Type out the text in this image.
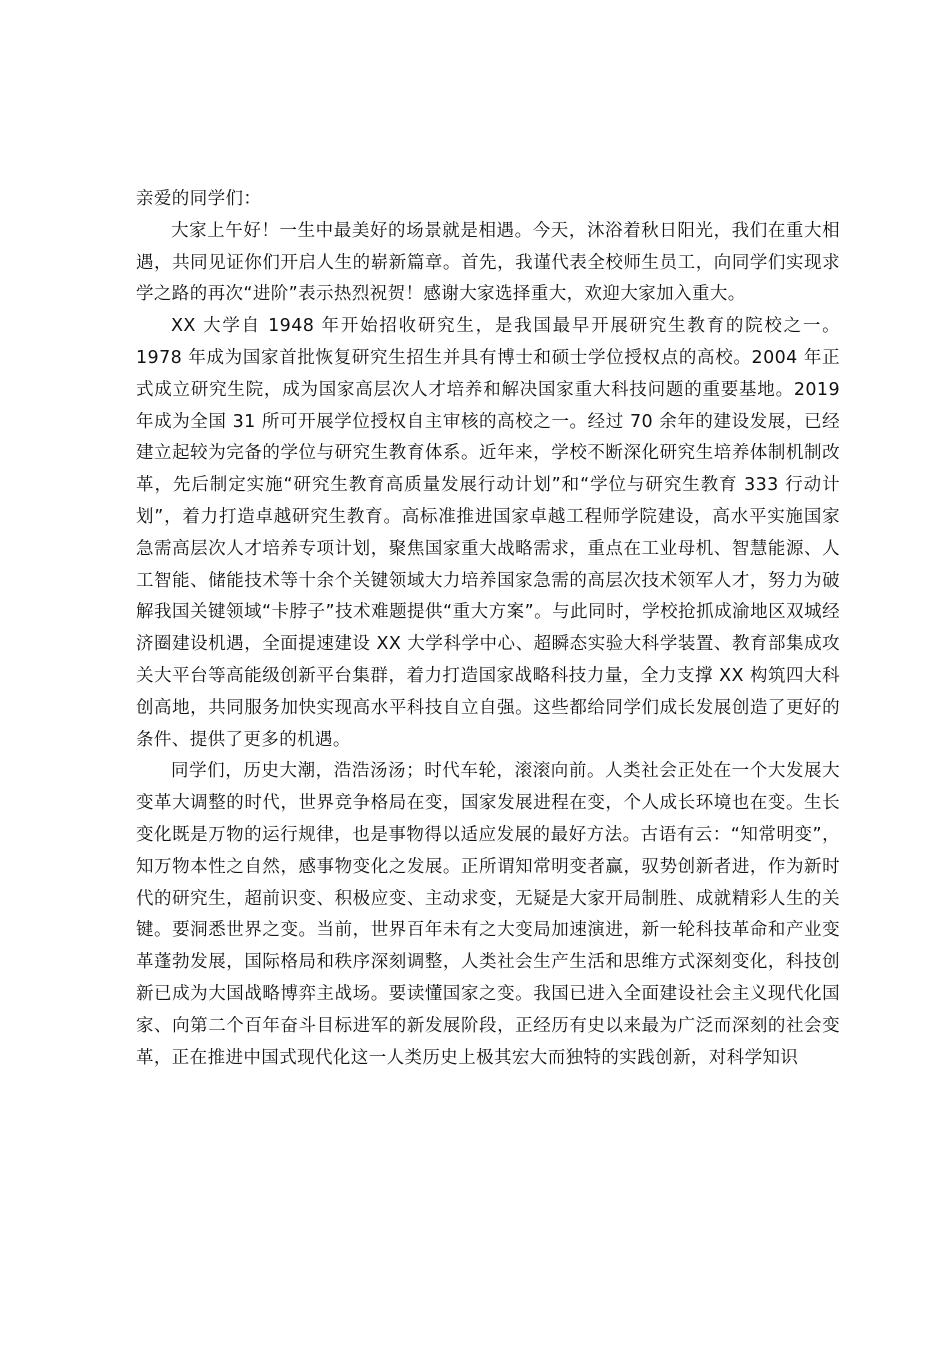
亲爱的同学们：

大家上午好！一生中最美好的场景就是相遇。今天，沐浴着秋日阳光，我们在重大相遇，共同见证你们开启人生的崭新篇章。首先，我谨代表全校师生员工，向同学们实现求学之路的再次“进阶”表示热烈祝贺！感谢大家选择重大，欢迎大家加入重大。

XX 大学自 1948 年开始招收研究生，是我国最早开展研究生教育的院校之一。1978 年成为国家首批恢复研究生招生并具有博士和硕士学位授权点的高校。2004 年正式成立研究生院，成为国家高层次人才培养和解决国家重大科技问题的重要基地。2019 年成为全国 31 所可开展学位授权自主审核的高校之一。经过 70 余年的建设发展，已经建立起较为完备的学位与研究生教育体系。近年来，学校不断深化研究生培养体制机制改革，先后制定实施“研究生教育高质量发展行动计划”和“学位与研究生教育 333 行动计划”，着力打造卓越研究生教育。高标准推进国家卓越工程师学院建设，高水平实施国家急需高层次人才培养专项计划，聚焦国家重大战略需求，重点在工业母机、智慧能源、人工智能、储能技术等十余个关键领域大力培养国家急需的高层次技术领军人才，努力为破解我国关键领域“卡脖子”技术难题提供“重大方案”。与此同时，学校抢抓成渝地区双城经济圈建设机遇，全面提速建设 XX 大学科学中心、超瞬态实验大科学装置、教育部集成攻关大平台等高能级创新平台集群，着力打造国家战略科技力量，全力支撑 XX 构筑四大科创高地，共同服务加快实现高水平科技自立自强。这些都给同学们成长发展创造了更好的条件、提供了更多的机遇。

同学们，历史大潮，浩浩汤汤；时代车轮，滚滚向前。人类社会正处在一个大发展大变革大调整的时代，世界竞争格局在变，国家发展进程在变，个人成长环境也在变。生长变化既是万物的运行规律，也是事物得以适应发展的最好方法。古语有云：“知常明变”，知万物本性之自然，感事物变化之发展。正所谓知常明变者赢，驭势创新者进，作为新时代的研究生，超前识变、积极应变、主动求变，无疑是大家开局制胜、成就精彩人生的关键。要洞悉世界之变。当前，世界百年未有之大变局加速演进，新一轮科技革命和产业变革蓬勃发展，国际格局和秩序深刻调整，人类社会生产生活和思维方式深刻变化，科技创新已成为大国战略博弈主战场。要读懂国家之变。我国已进入全面建设社会主义现代化国家、向第二个百年奋斗目标进军的新发展阶段，正经历有史以来最为广泛而深刻的社会变革，正在推进中国式现代化这一人类历史上极其宏大而独特的实践创新，对科学知识
